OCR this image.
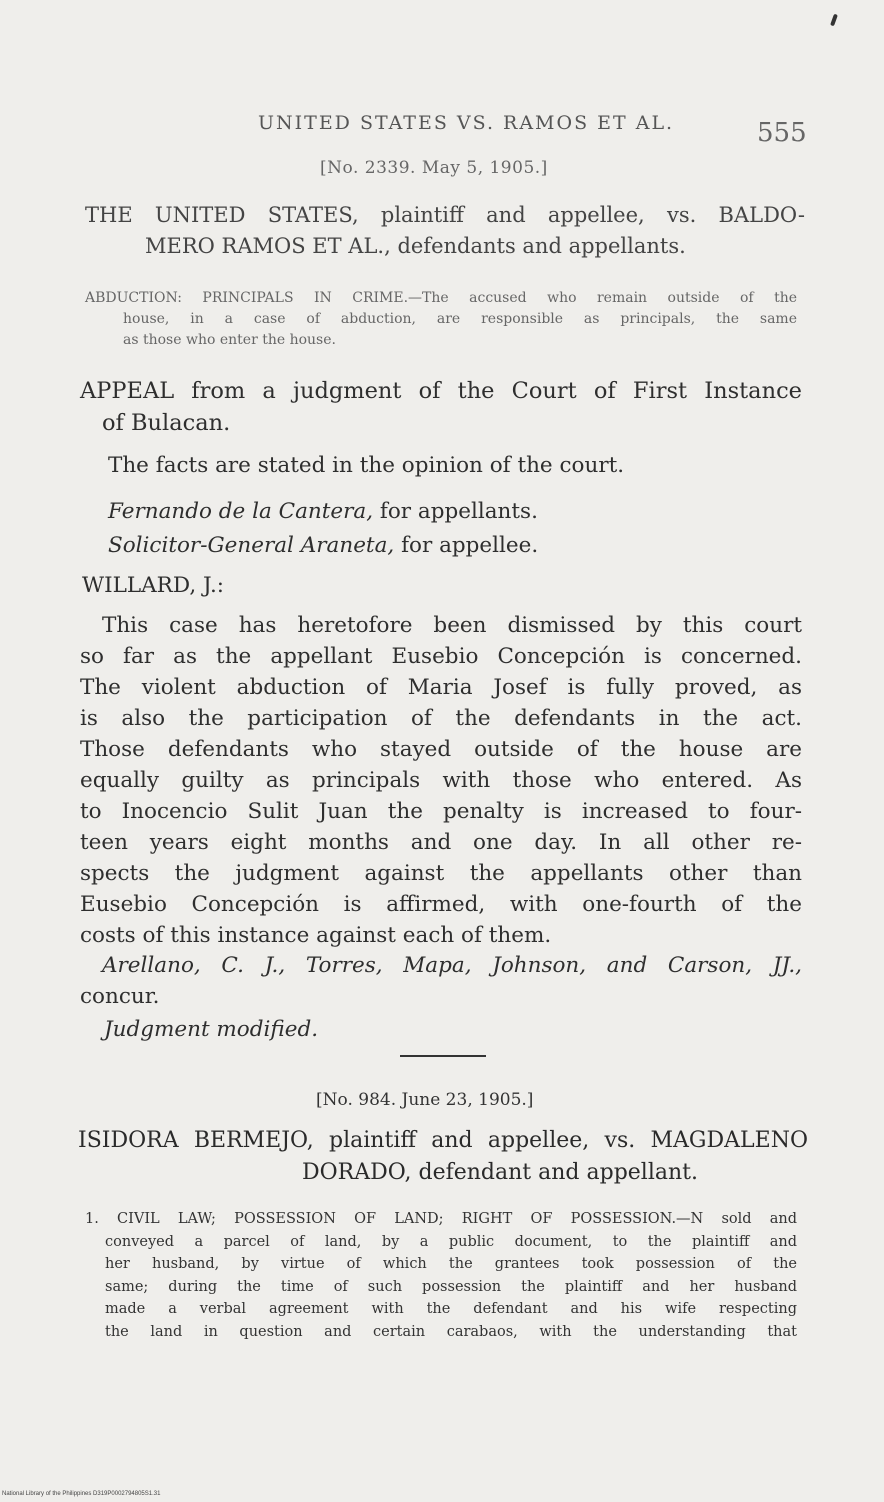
UNITED STATES VS. RAMOS ET AL.	555
[No. 2339. May 5, 1905.]
THE UNITED STATES, plaintiff and appellee, vs. BALDO-
MERO RAMOS ET AL., defendants and appellants.
ABDUCTION: PRINCIPALS IN CRIME.—The accused who remain outside of the
house, in a case of abduction, are responsible as principals, the same
as those who enter the house.
APPEAL from a judgment of the Court of First Instance
of Bulacan.
The facts are stated in the opinion of the court.
Fernando de la Cantera, for appellants.
Solicitor-General Araneta, for appellee.
WILLARD, J.:
This case has heretofore been dismissed by this court
so far as the appellant Eusebio Concepción is concerned.
The violent abduction of Maria Josef is fully proved, as
is also the participation of the defendants in the act.
Those defendants who stayed outside of the house are
equally guilty as principals with those who entered. As
to Inocencio Sulit Juan the penalty is increased to four-
teen years eight months and one day. In all other re-
spects the judgment against the appellants other than
Eusebio Concepción is affirmed, with one-fourth of the
costs of this instance against each of them.
Arellano, C. J., Torres, Mapa, Johnson, and Carson, JJ.,
concur.
Judgment modified.
[No. 984. June 23, 1905.]
ISIDORA BERMEJO, plaintiff and appellee, vs. MAGDALENO
DORADO, defendant and appellant.
1. CIVIL LAW; POSSESSION OF LAND; RIGHT OF POSSESSION.—N sold and
conveyed a parcel of land, by a public document, to the plaintiff and
her husband, by virtue of which the grantees took possession of the
same; during the time of such possession the plaintiff and her husband
made a verbal agreement with the defendant and his wife respecting
the land in question and certain carabaos, with the understanding that
National Library of the Philippines D319P0002794805S1.31
